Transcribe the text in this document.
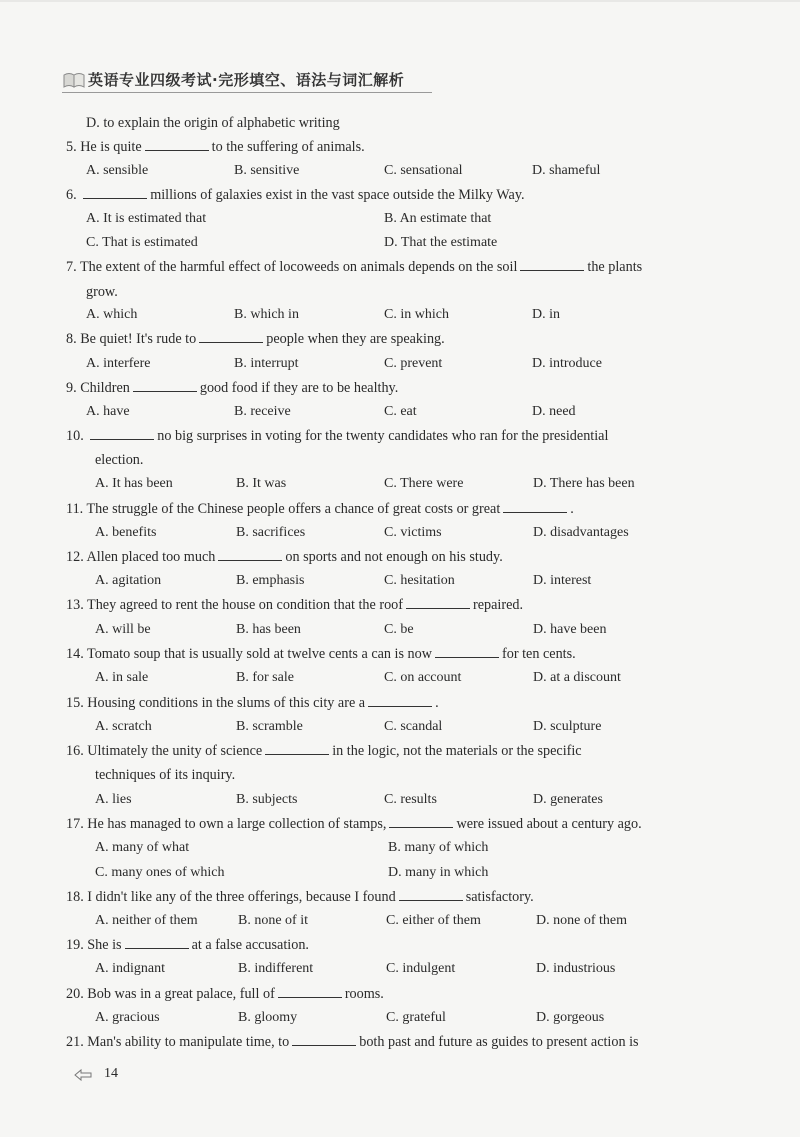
英语专业四级考试·完形填空、语法与词汇解析
D. to explain the origin of alphabetic writing
5. He is quite	to the suffering of animals.
A. sensible	B. sensitive	C. sensational	D. shameful
6.	millions of galaxies exist in the vast space outside the Milky Way.
A. It is estimated that	B. An estimate that
C. That is estimated	D. That the estimate
7. The extent of the harmful effect of locoweeds on animals depends on the soil	the plants
grow.
A. which	B. which in	C. in which	D. in
8. Be quiet! It's rude to	people when they are speaking.
A. interfere	B. interrupt	C. prevent	D. introduce
9. Children	good food if they are to be healthy.
A. have	B. receive	C. eat	D. need
10.	no big surprises in voting for the twenty candidates who ran for the presidential
election.
A. It has been	B. It was	C. There were	D. There has been
11. The struggle of the Chinese people offers a chance of great costs or great	.
A. benefits	B. sacrifices	C. victims	D. disadvantages
12. Allen placed too much	on sports and not enough on his study.
A. agitation	B. emphasis	C. hesitation	D. interest
13. They agreed to rent the house on condition that the roof	repaired.
A. will be	B. has been	C. be	D. have been
14. Tomato soup that is usually sold at twelve cents a can is now	for ten cents.
A. in sale	B. for sale	C. on account	D. at a discount
15. Housing conditions in the slums of this city are a	.
A. scratch	B. scramble	C. scandal	D. sculpture
16. Ultimately the unity of science	in the logic, not the materials or the specific
techniques of its inquiry.
A. lies	B. subjects	C. results	D. generates
17. He has managed to own a large collection of stamps,	were issued about a century ago.
A. many of what	B. many of which
C. many ones of which	D. many in which
18. I didn't like any of the three offerings, because I found	satisfactory.
A. neither of them	B. none of it	C. either of them	D. none of them
19. She is	at a false accusation.
A. indignant	B. indifferent	C. indulgent	D. industrious
20. Bob was in a great palace, full of	rooms.
A. gracious	B. gloomy	C. grateful	D. gorgeous
21. Man's ability to manipulate time, to	both past and future as guides to present action is
14
